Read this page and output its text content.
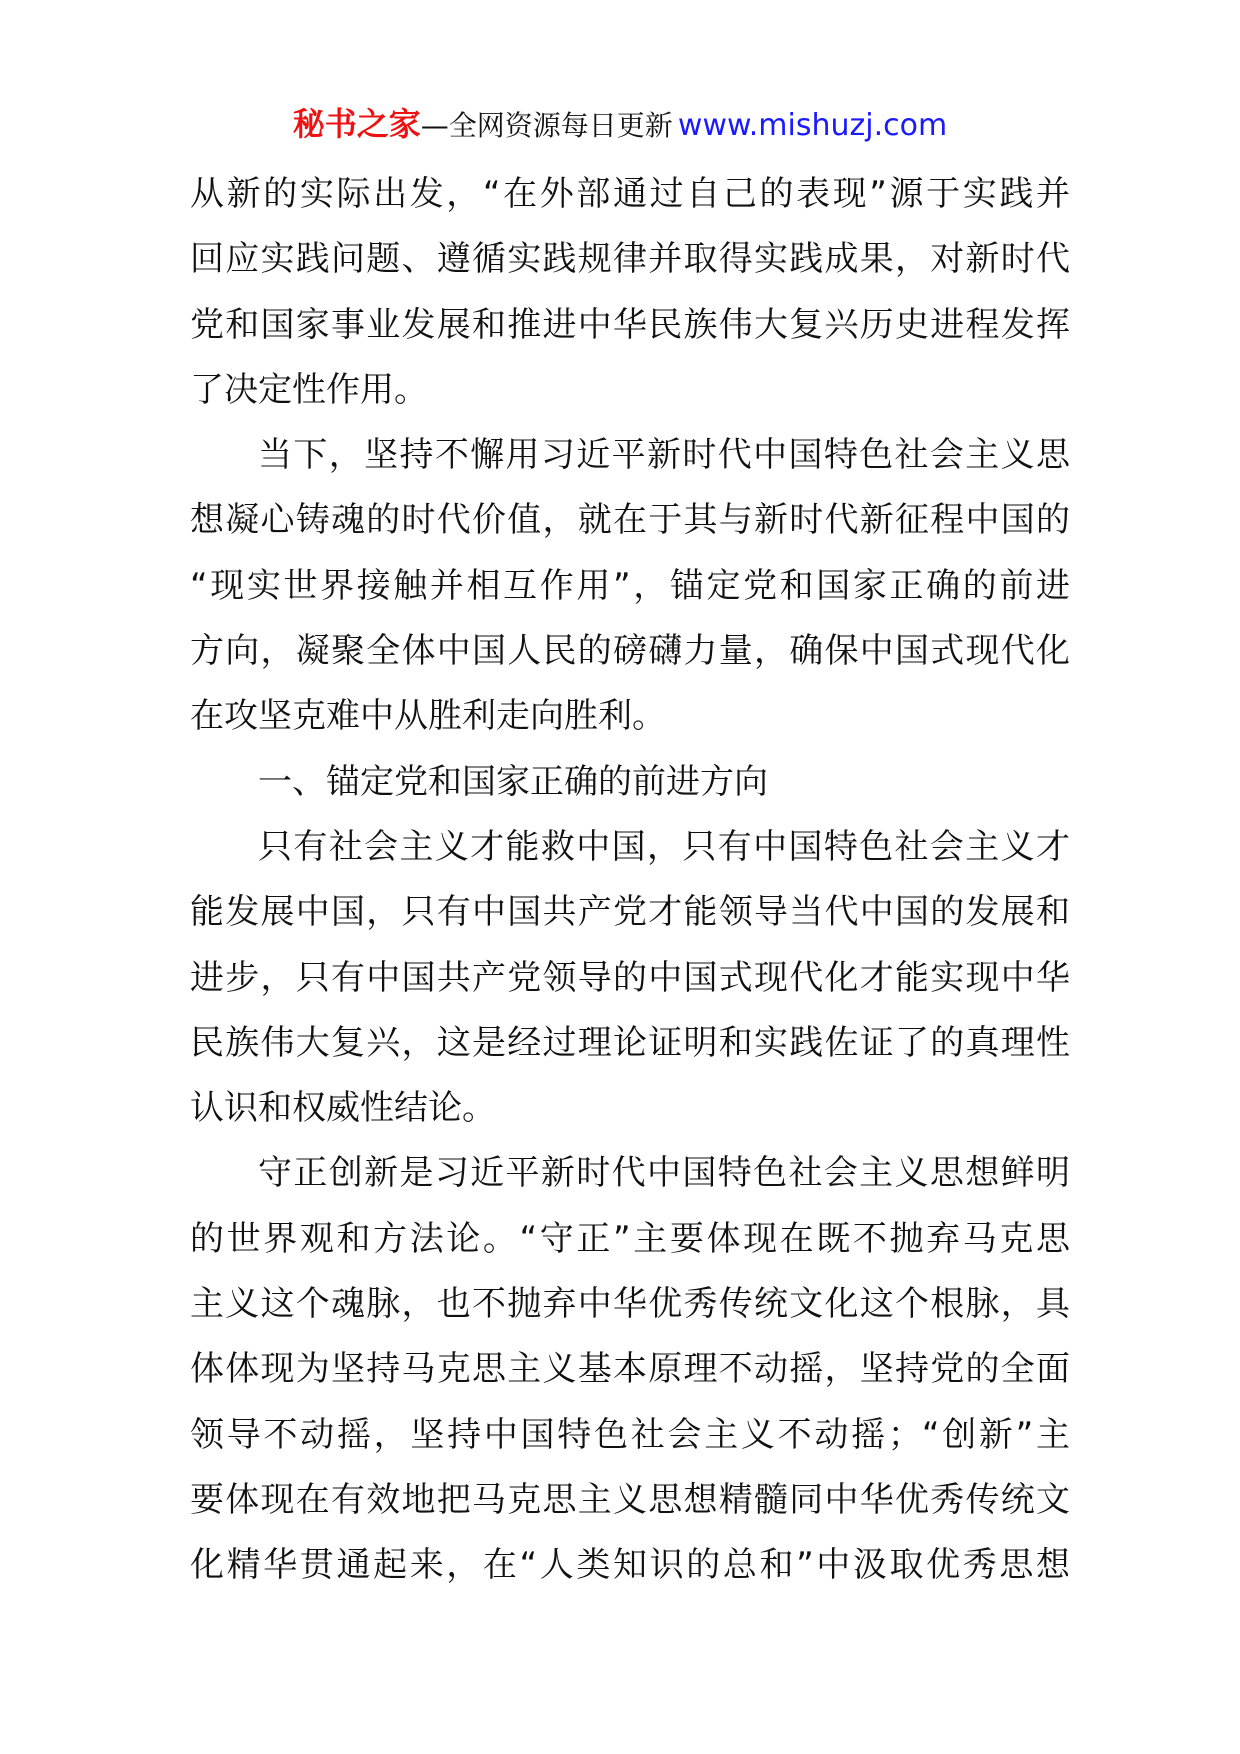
秘书之家—全网资源每日更新 www.mishuzj.com
从新的实际出发，“在外部通过自己的表现”源于实践并
回应实践问题、遵循实践规律并取得实践成果，对新时代
党和国家事业发展和推进中华民族伟大复兴历史进程发挥
了决定性作用。
当下，坚持不懈用习近平新时代中国特色社会主义思
想凝心铸魂的时代价值，就在于其与新时代新征程中国的
“现实世界接触并相互作用”，锚定党和国家正确的前进
方向，凝聚全体中国人民的磅礴力量，确保中国式现代化
在攻坚克难中从胜利走向胜利。
一、锚定党和国家正确的前进方向
只有社会主义才能救中国，只有中国特色社会主义才
能发展中国，只有中国共产党才能领导当代中国的发展和
进步，只有中国共产党领导的中国式现代化才能实现中华
民族伟大复兴，这是经过理论证明和实践佐证了的真理性
认识和权威性结论。
守正创新是习近平新时代中国特色社会主义思想鲜明
的世界观和方法论。“守正”主要体现在既不抛弃马克思
主义这个魂脉，也不抛弃中华优秀传统文化这个根脉，具
体体现为坚持马克思主义基本原理不动摇，坚持党的全面
领导不动摇，坚持中国特色社会主义不动摇；“创新”主
要体现在有效地把马克思主义思想精髓同中华优秀传统文
化精华贯通起来，在“人类知识的总和”中汲取优秀思想
